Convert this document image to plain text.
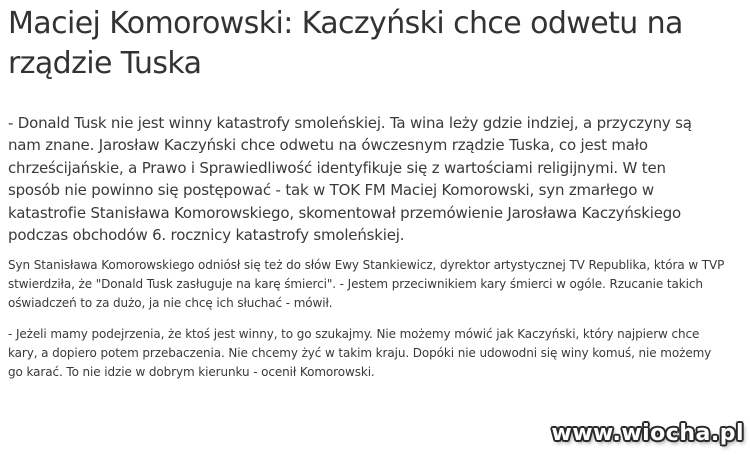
Maciej Komorowski: Kaczyński chce odwetu na rządzie Tuska

- Donald Tusk nie jest winny katastrofy smoleńskiej. Ta wina leży gdzie indziej, a przyczyny są nam znane. Jarosław Kaczyński chce odwetu na ówczesnym rządzie Tuska, co jest mało chrześcijańskie, a Prawo i Sprawiedliwość identyfikuje się z wartościami religijnymi. W ten sposób nie powinno się postępować - tak w TOK FM Maciej Komorowski, syn zmarłego w katastrofie Stanisława Komorowskiego, skomentował przemówienie Jarosława Kaczyńskiego podczas obchodów 6. rocznicy katastrofy smoleńskiej.

Syn Stanisława Komorowskiego odniósł się też do słów Ewy Stankiewicz, dyrektor artystycznej TV Republika, która w TVP stwierdziła, że "Donald Tusk zasługuje na karę śmierci". - Jestem przeciwnikiem kary śmierci w ogóle. Rzucanie takich oświadczeń to za dużo, ja nie chcę ich słuchać - mówił.

- Jeżeli mamy podejrzenia, że ktoś jest winny, to go szukajmy. Nie możemy mówić jak Kaczyński, który najpierw chce kary, a dopiero potem przebaczenia. Nie chcemy żyć w takim kraju. Dopóki nie udowodni się winy komuś, nie możemy go karać. To nie idzie w dobrym kierunku - ocenił Komorowski.

www.wiocha.pl
